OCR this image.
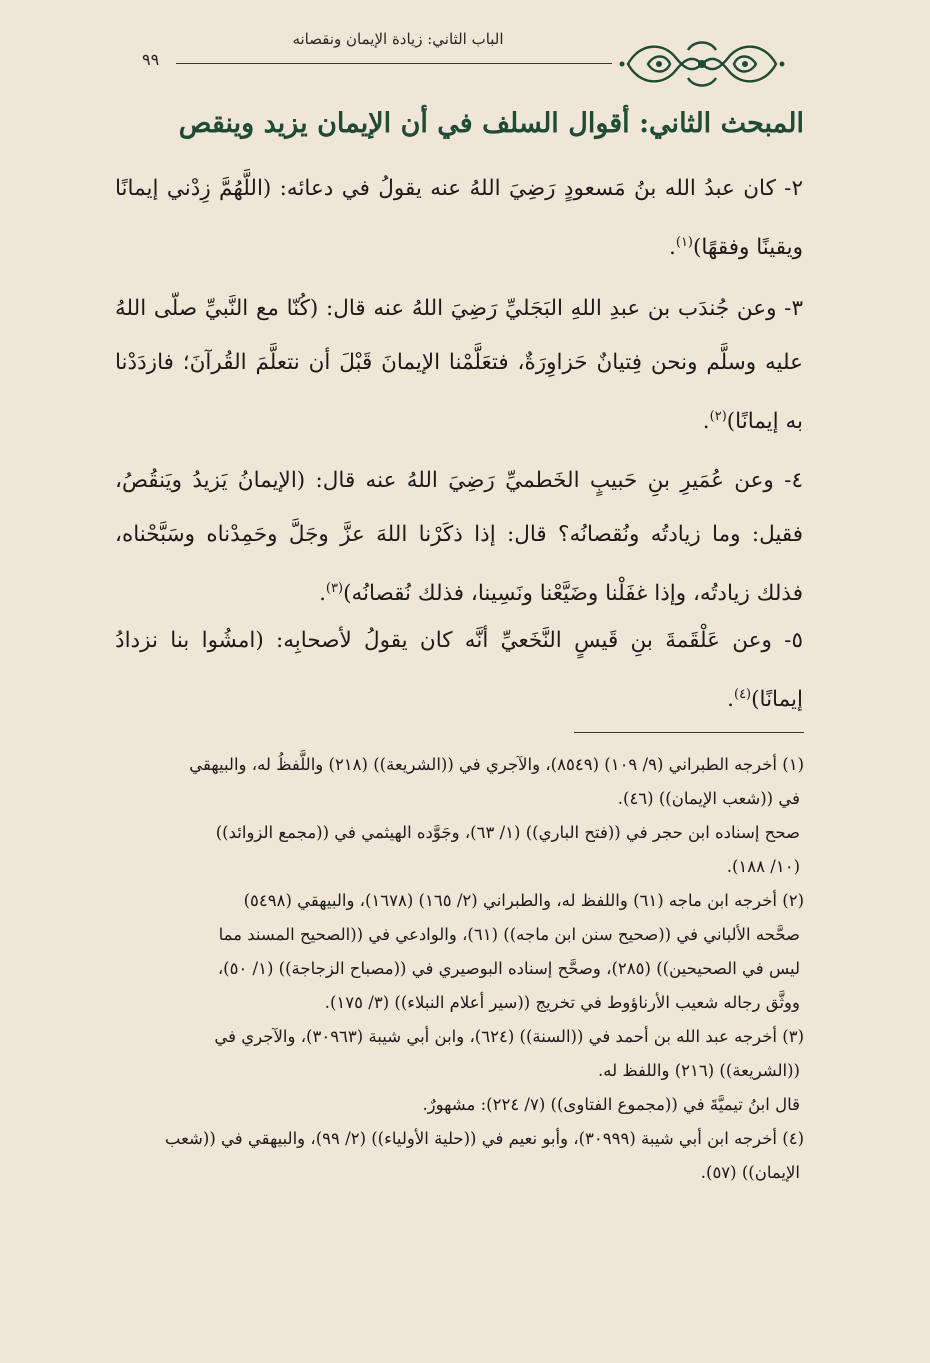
الباب الثاني: زيادة الإيمان ونقصانه
٩٩
المبحث الثاني: أقوال السلف في أن الإيمان يزيد وينقص
٢- كان عبدُ الله بنُ مَسعودٍ رَضِيَ اللهُ عنه يقولُ في دعائه: (اللَّهُمَّ زِدْني إيمانًا
ويقينًا وفقهًا)$^{(١)}$.
٣- وعن جُندَب بن عبدِ اللهِ البَجَليِّ رَضِيَ اللهُ عنه قال: (كُنّا مع النَّبيِّ صلّى اللهُ
عليه وسلَّم ونحن فِتيانٌ حَزاوِرَةٌ، فتعَلَّمْنا الإيمانَ قَبْلَ أن نتعلَّمَ القُرآنَ؛ فازدَدْنا
به إيمانًا)$^{(٢)}$.
٤- وعن عُمَيرِ بنِ حَبيبٍ الخَطميِّ رَضِيَ اللهُ عنه قال: (الإيمانُ يَزيدُ ويَنقُصُ،
فقيل: وما زيادتُه ونُقصانُه؟ قال: إذا ذكَرْنا اللهَ عزَّ وجَلَّ وحَمِدْناه وسَبَّحْناه،
فذلك زيادتُه، وإذا غفَلْنا وضَيَّعْنا ونَسِينا، فذلك نُقصانُه)$^{(٣)}$.
٥- وعن عَلْقَمةَ بنِ قَيسٍ النَّخَعيِّ أنَّه كان يقولُ لأصحابِه: (امشُوا بنا نزدادُ
إيمانًا)$^{(٤)}$.
(١) أخرجه الطبراني (٩/ ١٠٩) (٨٥٤٩)، والآجري في ((الشريعة)) (٢١٨) واللَّفظُ له، والبيهقي
في ((شعب الإيمان)) (٤٦).
صحح إسناده ابن حجر في ((فتح الباري)) (١/ ٦٣)، وجَوَّده الهيثمي في ((مجمع الزوائد))
(١٠/ ١٨٨).
(٢) أخرجه ابن ماجه (٦١) واللفظ له، والطبراني (٢/ ١٦٥) (١٦٧٨)، والبيهقي (٥٤٩٨)
صحَّحه الألباني في ((صحيح سنن ابن ماجه)) (٦١)، والوادعي في ((الصحيح المسند مما
ليس في الصحيحين)) (٢٨٥)، وصحَّح إسناده البوصيري في ((مصباح الزجاجة)) (١/ ٥٠)،
ووثَّق رجاله شعيب الأرناؤوط في تخريج ((سير أعلام النبلاء)) (٣/ ١٧٥).
(٣) أخرجه عبد الله بن أحمد في ((السنة)) (٦٢٤)، وابن أبي شيبة (٣٠٩٦٣)، والآجري في
((الشريعة)) (٢١٦) واللفظ له.
قال ابنُ تيميَّةَ في ((مجموع الفتاوى)) (٧/ ٢٢٤): مشهورٌ.
(٤) أخرجه ابن أبي شيبة (٣٠٩٩٩)، وأبو نعيم في ((حلية الأولياء)) (٢/ ٩٩)، والبيهقي في ((شعب
الإيمان)) (٥٧).
